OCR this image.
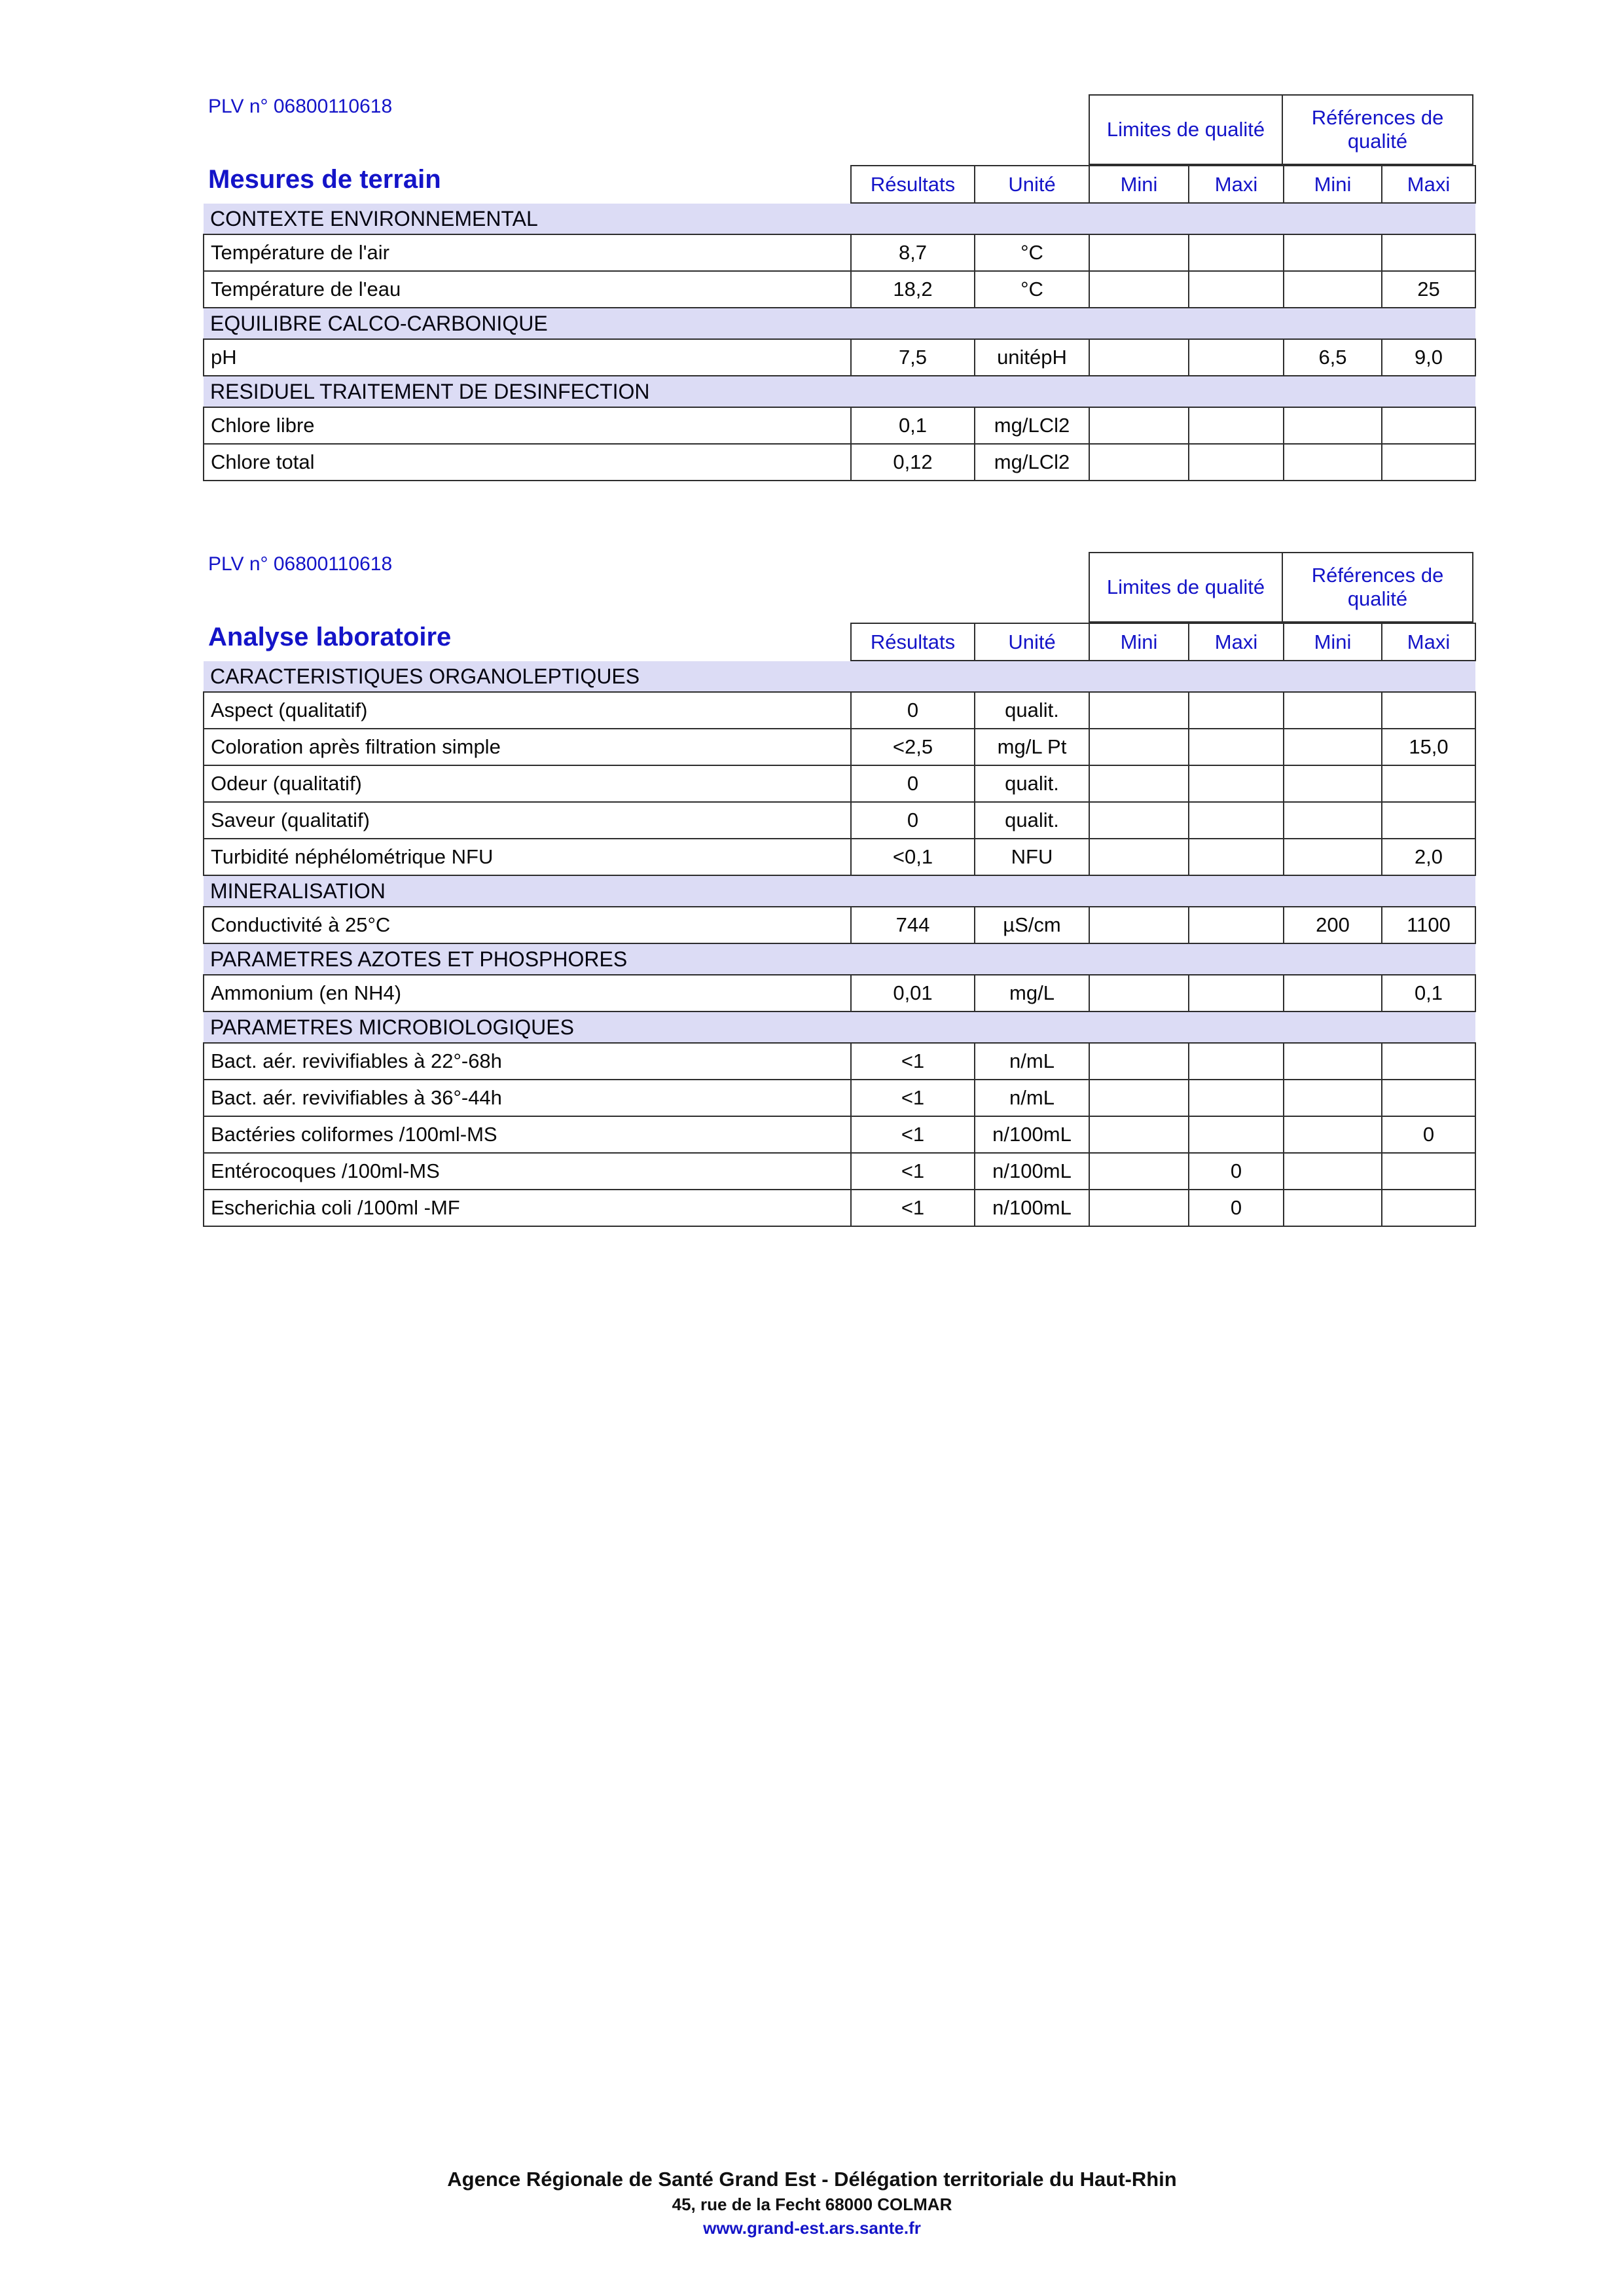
PLV n° 06800110618
Mesures de terrain
Limites de qualité
Références de qualité
	Résultats	Unité	Mini	Maxi	Mini	Maxi
CONTEXTE ENVIRONNEMENTAL						
Température de l'air	8,7	°C				
Température de l'eau	18,2	°C				25
EQUILIBRE CALCO-CARBONIQUE						
pH	7,5	unitépH			6,5	9,0
RESIDUEL TRAITEMENT DE DESINFECTION						
Chlore libre	0,1	mg/LCl2				
Chlore total	0,12	mg/LCl2				
PLV n° 06800110618
Analyse laboratoire
Limites de qualité
Références de qualité
	Résultats	Unité	Mini	Maxi	Mini	Maxi
CARACTERISTIQUES ORGANOLEPTIQUES						
Aspect (qualitatif)	0	qualit.				
Coloration après filtration simple	<2,5	mg/L Pt				15,0
Odeur (qualitatif)	0	qualit.				
Saveur (qualitatif)	0	qualit.				
Turbidité néphélométrique NFU	<0,1	NFU				2,0
MINERALISATION						
Conductivité à 25°C	744	µS/cm			200	1100
PARAMETRES AZOTES ET PHOSPHORES						
Ammonium (en NH4)	0,01	mg/L				0,1
PARAMETRES MICROBIOLOGIQUES						
Bact. aér. revivifiables à 22°-68h	<1	n/mL				
Bact. aér. revivifiables à 36°-44h	<1	n/mL				
Bactéries coliformes /100ml-MS	<1	n/100mL				0
Entérocoques /100ml-MS	<1	n/100mL		0		
Escherichia coli /100ml -MF	<1	n/100mL		0		
Agence Régionale de Santé Grand Est - Délégation territoriale du Haut-Rhin
45, rue de la Fecht 68000 COLMAR
www.grand-est.ars.sante.fr
